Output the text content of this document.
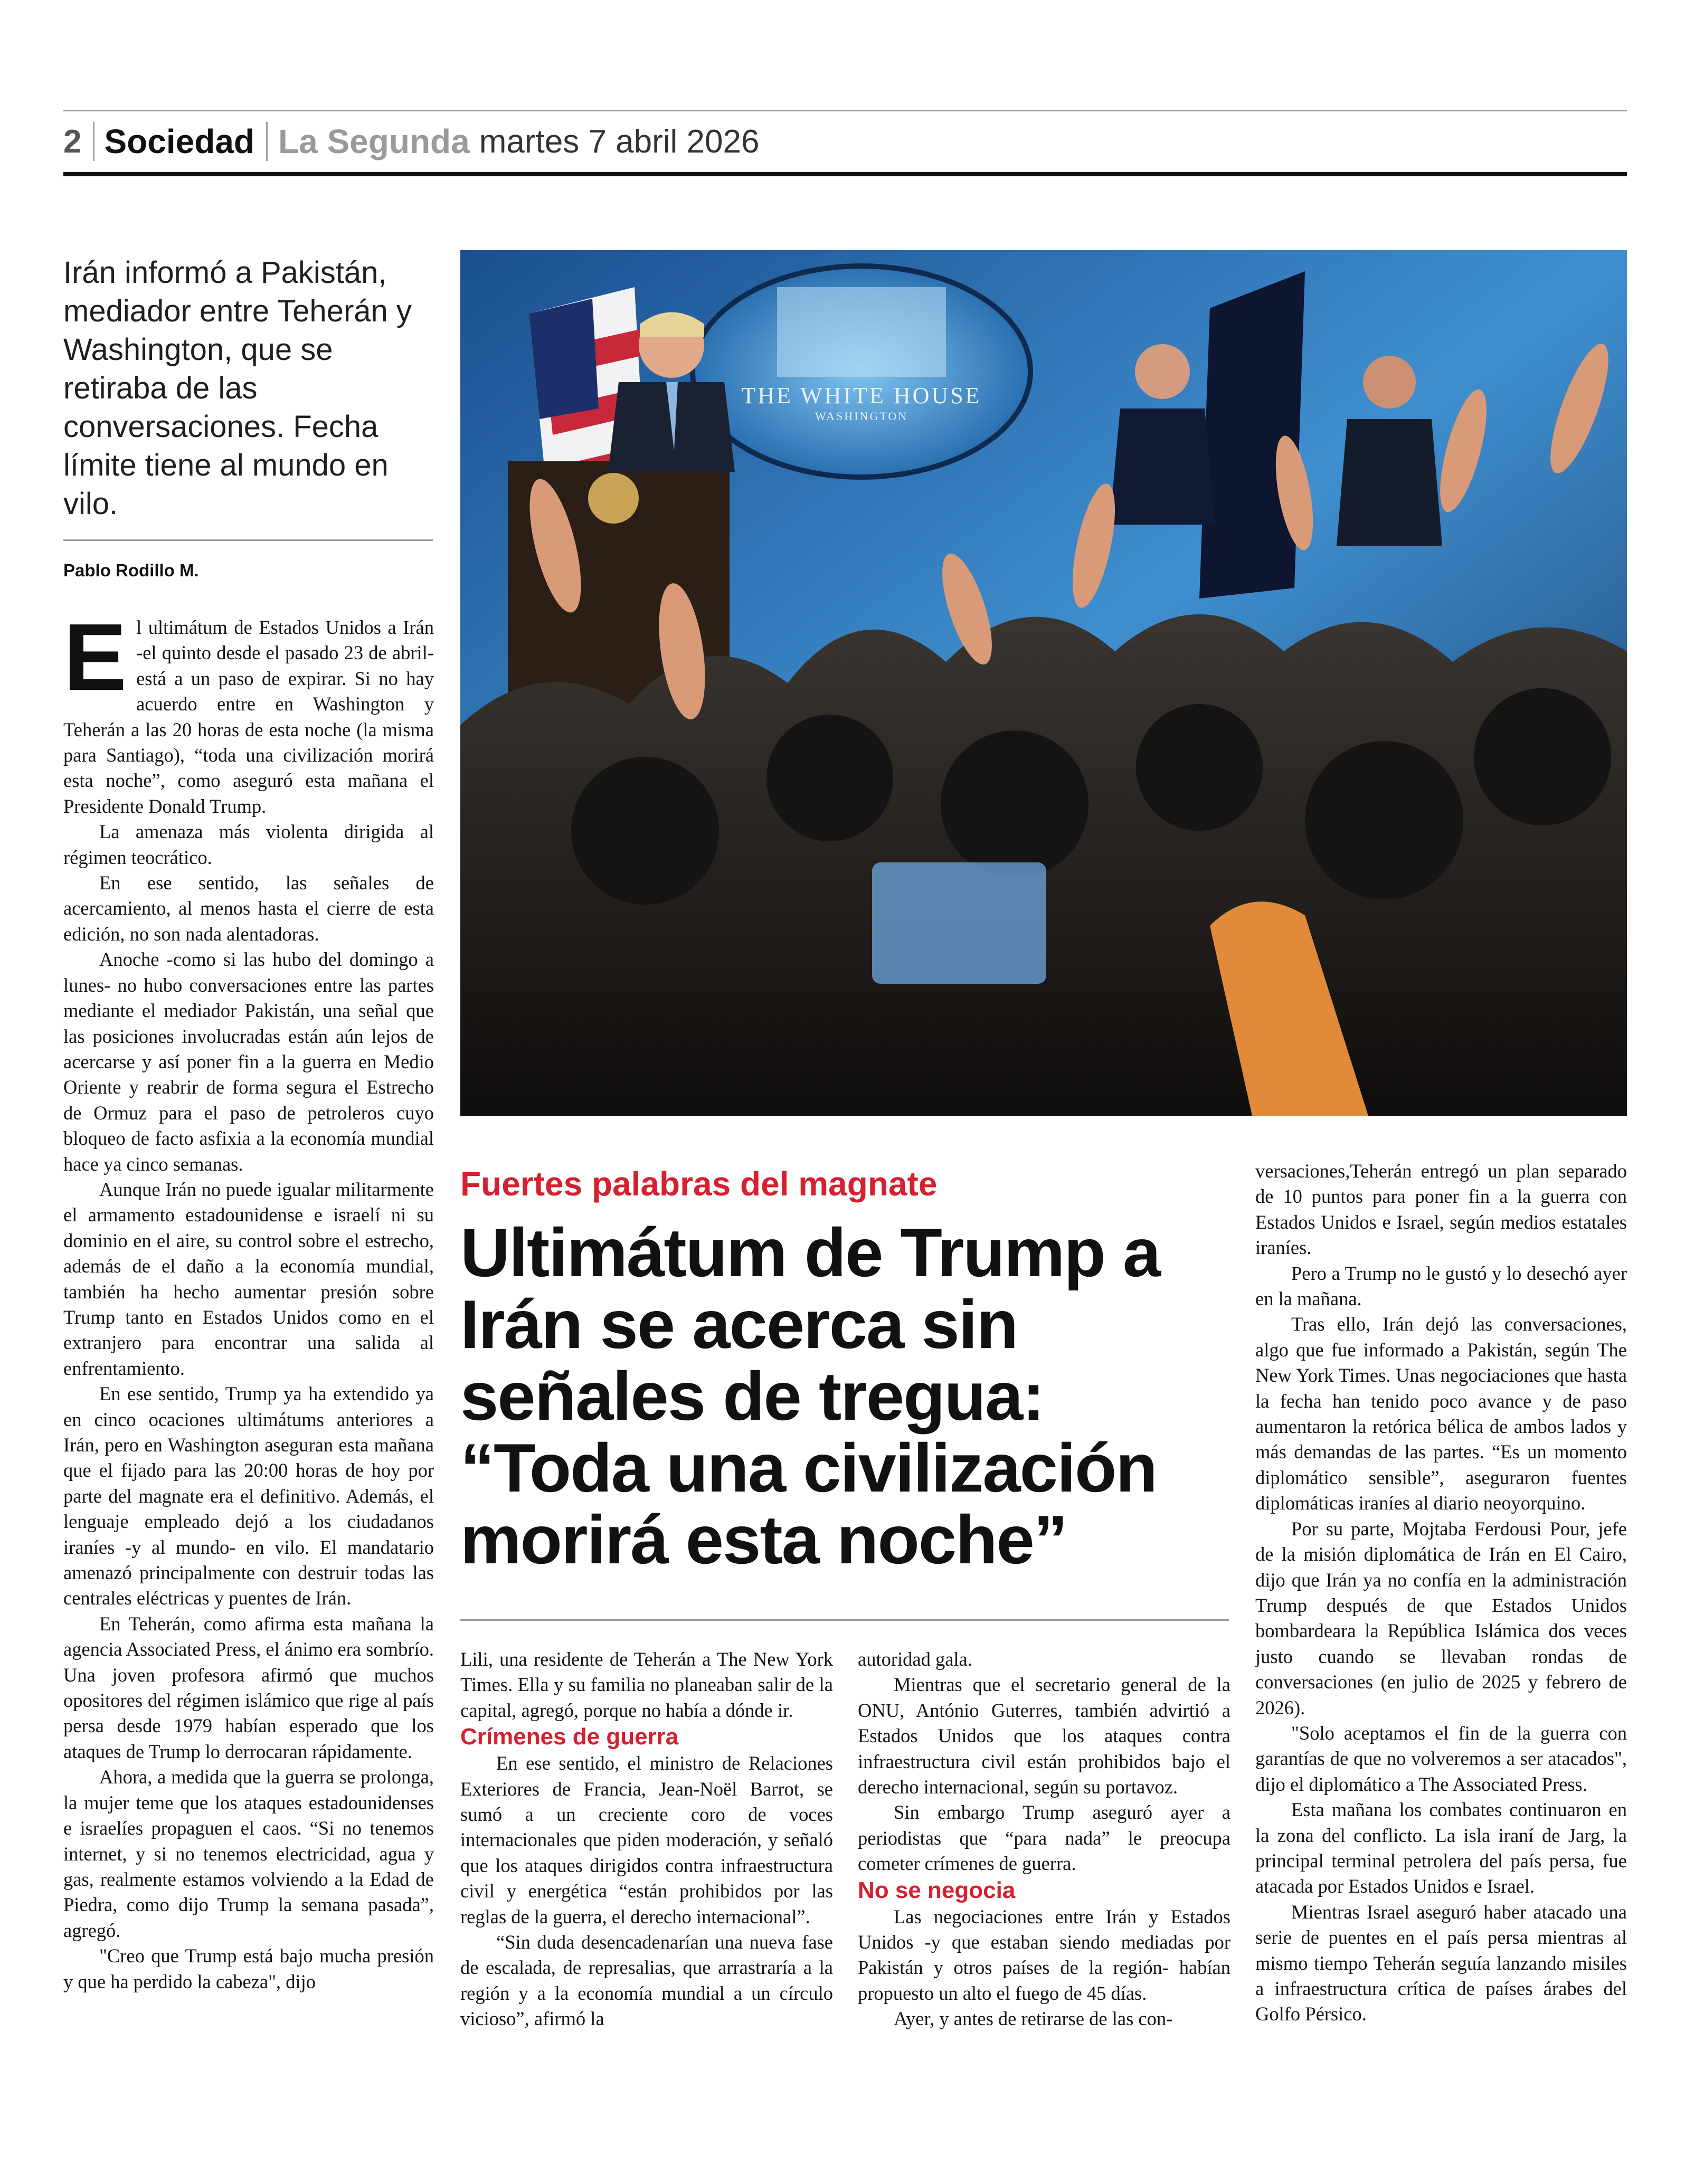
2 Sociedad La Segunda martes 7 abril 2026

Irán informó a Pakistán, mediador entre Teherán y Washington, que se retiraba de las conversaciones. Fecha límite tiene al mundo en vilo.

Pablo Rodillo M.
E l ultimátum de Estados Unidos a Irán -el quinto desde el pasado 23 de abril- está a un paso de expirar. Si no hay acuerdo entre en Washington y Teherán a las 20 horas de esta noche (la misma para Santiago), “toda una civilización morirá esta noche”, como aseguró esta mañana el Presidente Donald Trump.

La amenaza más violenta dirigida al régimen teocrático.

En ese sentido, las señales de acercamiento, al menos hasta el cierre de esta edición, no son nada alentadoras.

Anoche -como si las hubo del domingo a lunes- no hubo conversaciones entre las partes mediante el mediador Pakistán, una señal que las posiciones involucradas están aún lejos de acercarse y así poner fin a la guerra en Medio Oriente y reabrir de forma segura el Estrecho de Ormuz para el paso de petroleros cuyo bloqueo de facto asfixia a la economía mundial hace ya cinco semanas.

Aunque Irán no puede igualar militarmente el armamento estadounidense e israelí ni su dominio en el aire, su control sobre el estrecho, además de el daño a la economía mundial, también ha hecho aumentar presión sobre Trump tanto en Estados Unidos como en el extranjero para encontrar una salida al enfrentamiento.

En ese sentido, Trump ya ha extendido ya en cinco ocaciones ultimátums anteriores a Irán, pero en Washington aseguran esta mañana que el fijado para las 20:00 horas de hoy por parte del magnate era el definitivo. Además, el lenguaje empleado dejó a los ciudadanos iraníes -y al mundo- en vilo. El mandatario amenazó principalmente con destruir todas las centrales eléctricas y puentes de Irán.

En Teherán, como afirma esta mañana la agencia Associated Press, el ánimo era sombrío. Una joven profesora afirmó que muchos opositores del régimen islámico que rige al país persa desde 1979 habían esperado que los ataques de Trump lo derrocaran rápidamente.

Ahora, a medida que la guerra se prolonga, la mujer teme que los ataques estadounidenses e israelíes propaguen el caos. “Si no tenemos internet, y si no tenemos electricidad, agua y gas, realmente estamos volviendo a la Edad de Piedra, como dijo Trump la semana pasada”, agregó.

"Creo que Trump está bajo mucha presión y que ha perdido la cabeza", dijo

THE WHITE HOUSE
WASHINGTON
Fuertes palabras del magnate
Ultimátum de Trump a Irán se acerca sin señales de tregua: “Toda una civilización morirá esta noche”

Lili, una residente de Teherán a The New York Times. Ella y su familia no planeaban salir de la capital, agregó, porque no había a dónde ir.

Crímenes de guerra

En ese sentido, el ministro de Relaciones Exteriores de Francia, Jean-Noël Barrot, se sumó a un creciente coro de voces internacionales que piden moderación, y señaló que los ataques dirigidos contra infraestructura civil y energética “están prohibidos por las reglas de la guerra, el derecho internacional”.

“Sin duda desencadenarían una nueva fase de escalada, de represalias, que arrastraría a la región y a la economía mundial a un círculo vicioso”, afirmó la

autoridad gala.

Mientras que el secretario general de la ONU, António Guterres, también advirtió a Estados Unidos que los ataques contra infraestructura civil están prohibidos bajo el derecho internacional, según su portavoz.

Sin embargo Trump aseguró ayer a periodistas que “para nada” le preocupa cometer crímenes de guerra.

No se negocia

Las negociaciones entre Irán y Estados Unidos -y que estaban siendo mediadas por Pakistán y otros países de la región- habían propuesto un alto el fuego de 45 días.

Ayer, y antes de retirarse de las con-

versaciones,Teherán entregó un plan separado de 10 puntos para poner fin a la guerra con Estados Unidos e Israel, según medios estatales iraníes.

Pero a Trump no le gustó y lo desechó ayer en la mañana.

Tras ello, Irán dejó las conversaciones, algo que fue informado a Pakistán, según The New York Times. Unas negociaciones que hasta la fecha han tenido poco avance y de paso aumentaron la retórica bélica de ambos lados y más demandas de las partes. “Es un momento diplomático sensible”, aseguraron fuentes diplomáticas iraníes al diario neoyorquino.

Por su parte, Mojtaba Ferdousi Pour, jefe de la misión diplomática de Irán en El Cairo, dijo que Irán ya no confía en la administración Trump después de que Estados Unidos bombardeara la República Islámica dos veces justo cuando se llevaban rondas de conversaciones (en julio de 2025 y febrero de 2026).

"Solo aceptamos el fin de la guerra con garantías de que no volveremos a ser atacados", dijo el diplomático a The Associated Press.

Esta mañana los combates continuaron en la zona del conflicto. La isla iraní de Jarg, la principal terminal petrolera del país persa, fue atacada por Estados Unidos e Israel.

Mientras Israel aseguró haber atacado una serie de puentes en el país persa mientras al mismo tiempo Teherán seguía lanzando misiles a infraestructura crítica de países árabes del Golfo Pérsico.
